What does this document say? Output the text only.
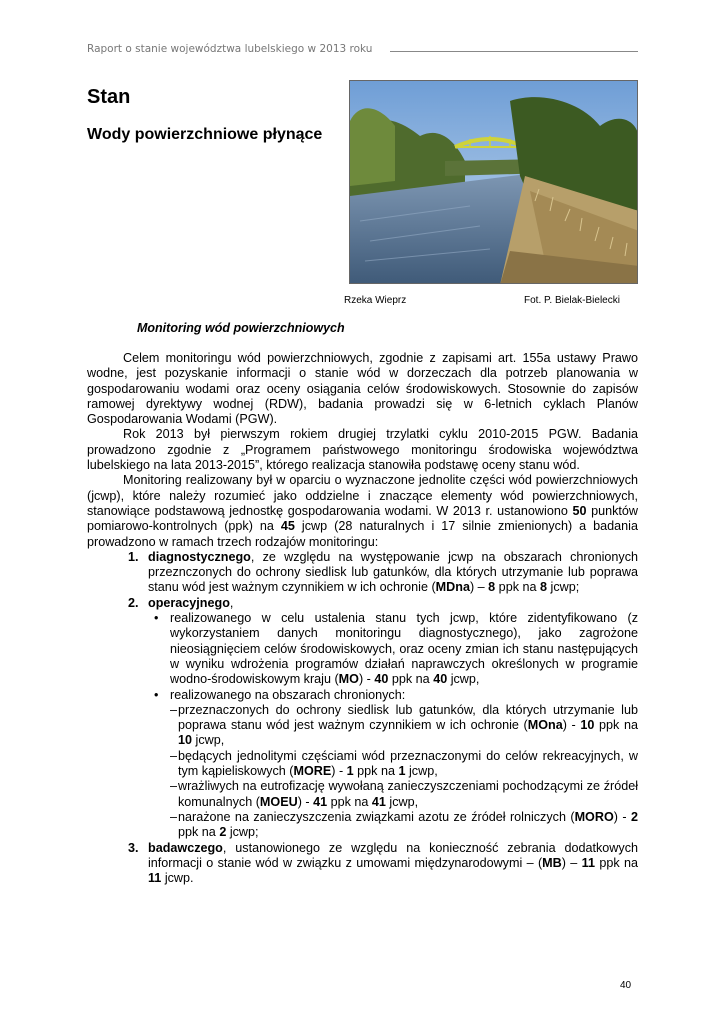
Raport o stanie województwa lubelskiego w 2013 roku
Stan
Wody powierzchniowe płynące
Rzeka Wieprz	Fot. P. Bielak-Bielecki
Monitoring wód powierzchniowych

Celem monitoringu wód powierzchniowych, zgodnie z zapisami art. 155a ustawy Prawo wodne, jest pozyskanie informacji o stanie wód w dorzeczach dla potrzeb planowania w gospodarowaniu wodami oraz oceny osiągania celów środowiskowych. Stosownie do zapisów ramowej dyrektywy wodnej (RDW), badania prowadzi się w 6-letnich cyklach Planów Gospodarowania Wodami (PGW).

Rok 2013 był pierwszym rokiem drugiej trzylatki cyklu 2010-2015 PGW. Badania prowadzono zgodnie z „Programem państwowego monitoringu środowiska województwa lubelskiego na lata 2013-2015”, którego realizacja stanowiła podstawę oceny stanu wód.

Monitoring realizowany był w oparciu o wyznaczone jednolite części wód powierzchniowych (jcwp), które należy rozumieć jako oddzielne i znaczące elementy wód powierzchniowych, stanowiące podstawową jednostkę gospodarowania wodami. W 2013 r. ustanowiono 50 punktów pomiarowo-kontrolnych (ppk) na 45 jcwp (28 naturalnych i 17 silnie zmienionych) a badania prowadzono w ramach trzech rodzajów monitoringu:

1. diagnostycznego, ze względu na występowanie jcwp na obszarach chronionych przeznczonych do ochrony siedlisk lub gatunków, dla których utrzymanie lub poprawa stanu wód jest ważnym czynnikiem w ich ochronie (MDna) – 8 ppk na 8 jcwp;
2. operacyjnego,
• realizowanego w celu ustalenia stanu tych jcwp, które zidentyfikowano (z wykorzystaniem danych monitoringu diagnostycznego), jako zagrożone nieosiągnięciem celów środowiskowych, oraz oceny zmian ich stanu następujących w wyniku wdrożenia programów działań naprawczych określonych w programie wodno-środowiskowym kraju (MO) - 40 ppk na 40 jcwp,
• realizowanego na obszarach chronionych:
– przeznaczonych do ochrony siedlisk lub gatunków, dla których utrzymanie lub poprawa stanu wód jest ważnym czynnikiem w ich ochronie (MOna) - 10 ppk na 10 jcwp,
– będących jednolitymi częściami wód przeznaczonymi do celów rekreacyjnych, w tym kąpieliskowych (MORE) - 1 ppk na 1 jcwp,
– wrażliwych na eutrofizację wywołaną zanieczyszczeniami pochodzącymi ze źródeł komunalnych (MOEU) - 41 ppk na 41 jcwp,
– narażone na zanieczyszczenia związkami azotu ze źródeł rolniczych (MORO) - 2 ppk na 2 jcwp;
3. badawczego, ustanowionego ze względu na konieczność zebrania dodatkowych informacji o stanie wód w związku z umowami międzynarodowymi – (MB) – 11 ppk na 11 jcwp.
40
